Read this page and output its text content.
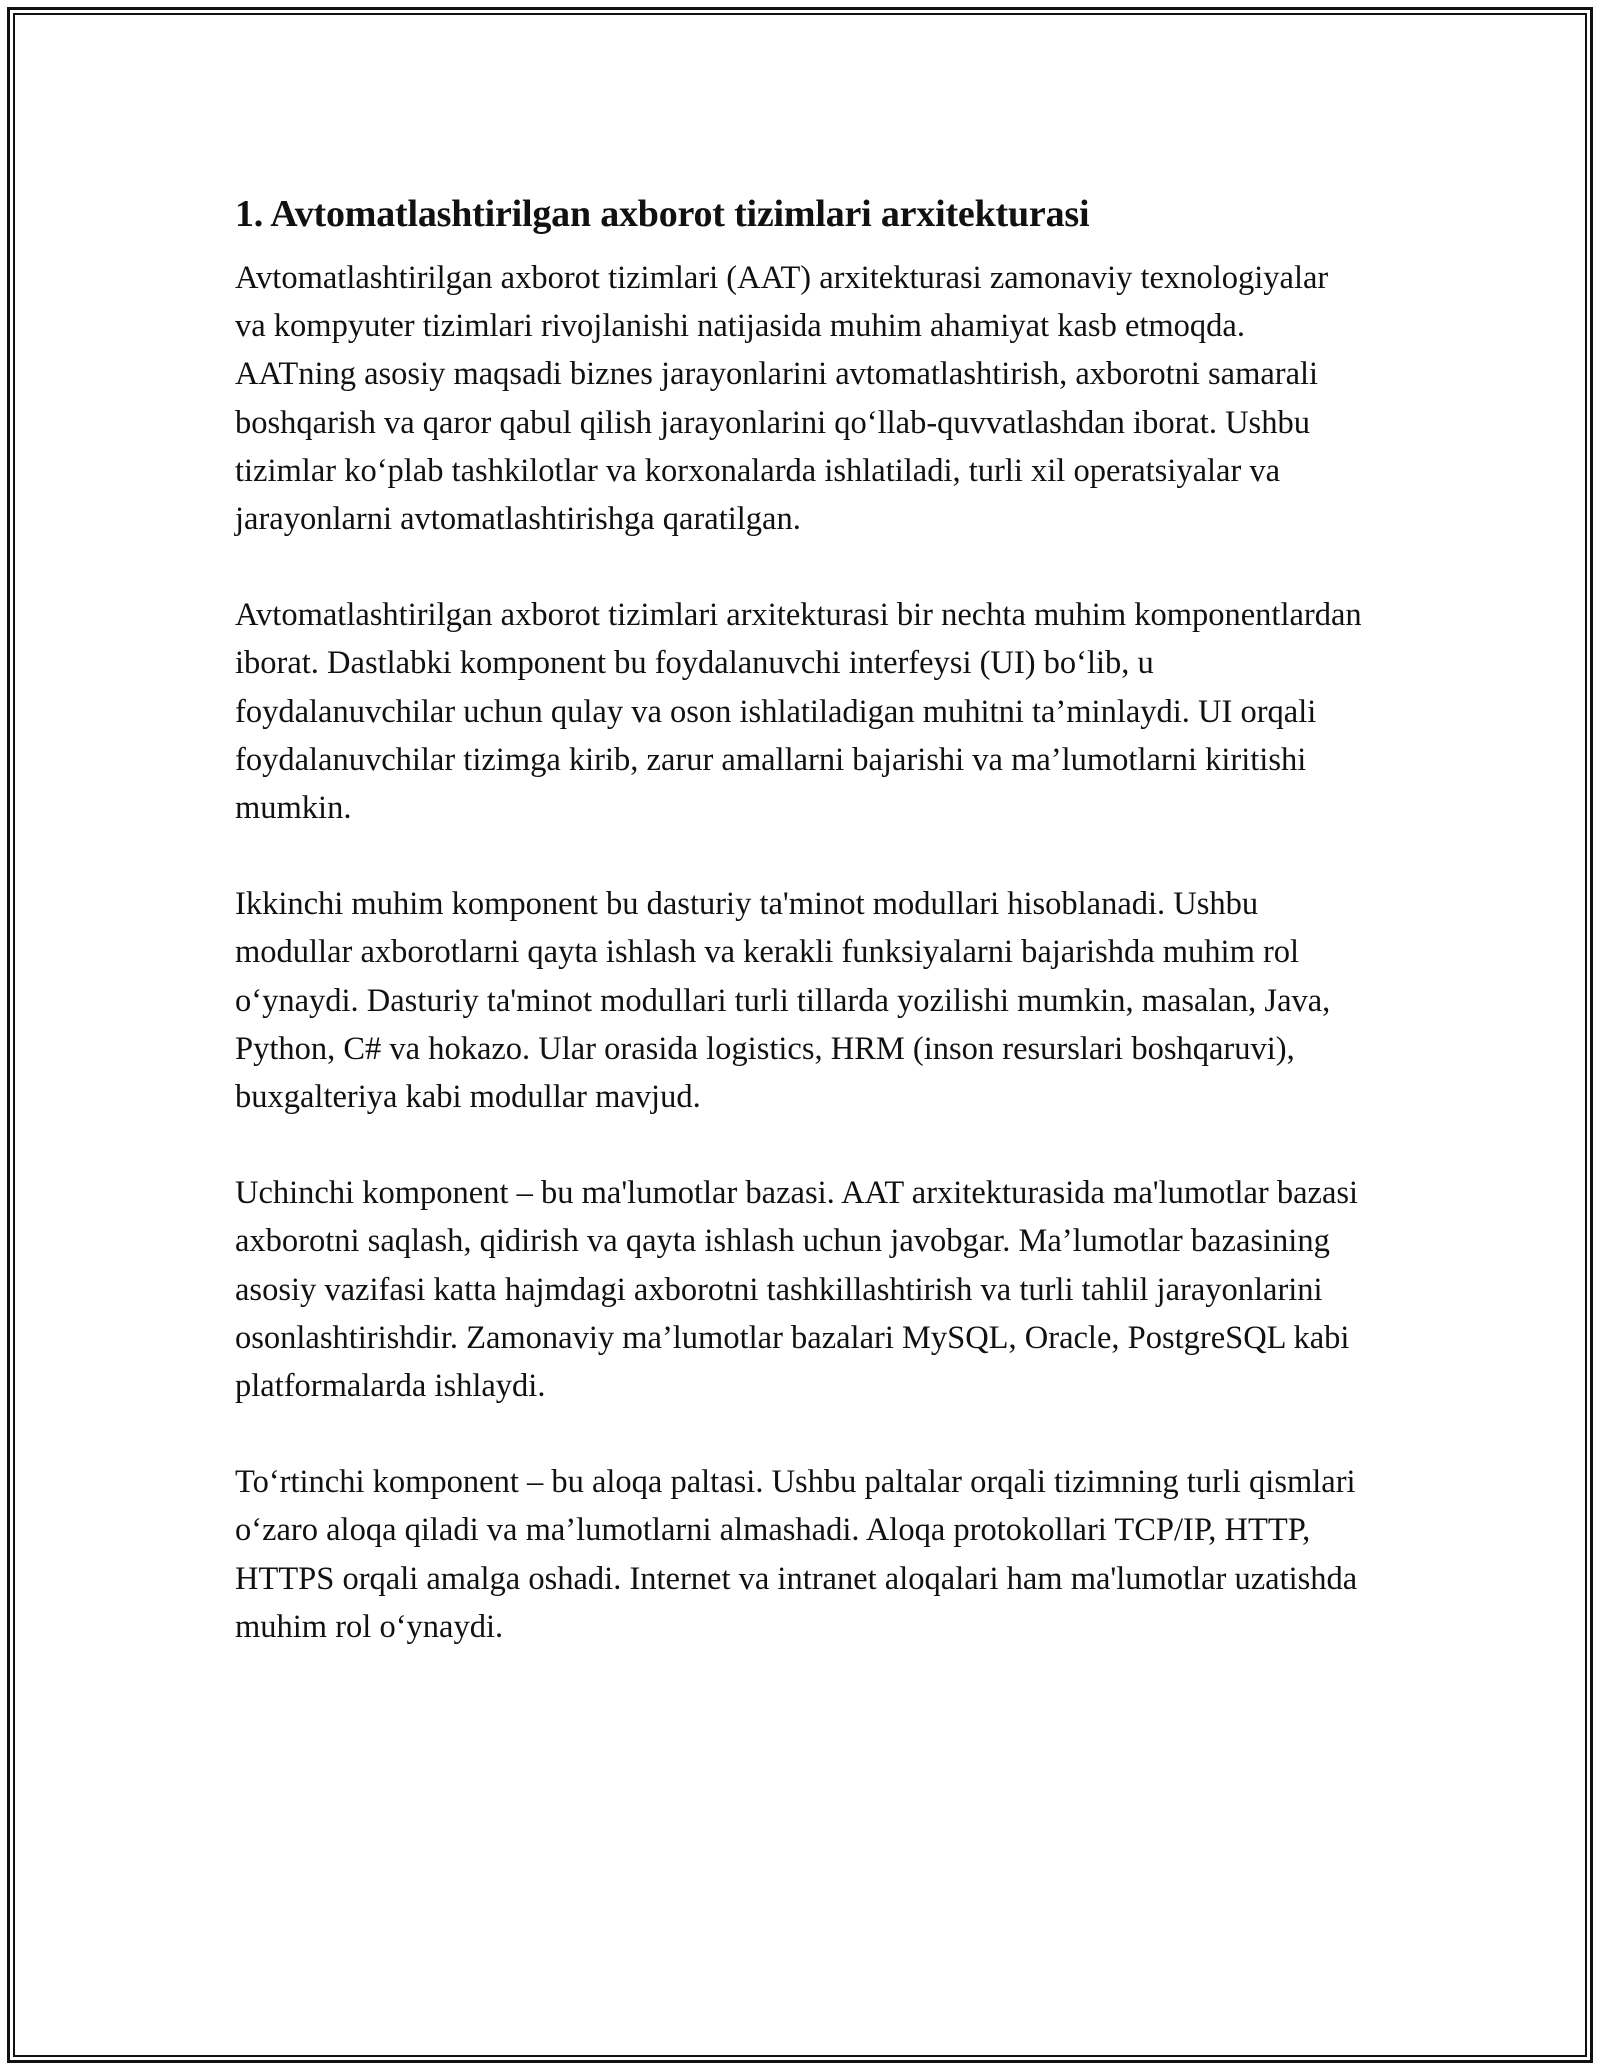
1. Avtomatlashtirilgan axborot tizimlari arxitekturasi

Avtomatlashtirilgan axborot tizimlari (AAT) arxitekturasi zamonaviy texnologiyalar va kompyuter tizimlari rivojlanishi natijasida muhim ahamiyat kasb etmoqda. AATning asosiy maqsadi biznes jarayonlarini avtomatlashtirish, axborotni samarali boshqarish va qaror qabul qilish jarayonlarini qo‘llab-quvvatlashdan iborat. Ushbu tizimlar ko‘plab tashkilotlar va korxonalarda ishlatiladi, turli xil operatsiyalar va jarayonlarni avtomatlashtirishga qaratilgan.

Avtomatlashtirilgan axborot tizimlari arxitekturasi bir nechta muhim komponentlardan iborat. Dastlabki komponent bu foydalanuvchi interfeysi (UI) bo‘lib, u foydalanuvchilar uchun qulay va oson ishlatiladigan muhitni ta’minlaydi. UI orqali foydalanuvchilar tizimga kirib, zarur amallarni bajarishi va ma’lumotlarni kiritishi mumkin.

Ikkinchi muhim komponent bu dasturiy ta'minot modullari hisoblanadi. Ushbu modullar axborotlarni qayta ishlash va kerakli funksiyalarni bajarishda muhim rol o‘ynaydi. Dasturiy ta'minot modullari turli tillarda yozilishi mumkin, masalan, Java, Python, C# va hokazo. Ular orasida logistics, HRM (inson resurslari boshqaruvi), buxgalteriya kabi modullar mavjud.

Uchinchi komponent – bu ma'lumotlar bazasi. AAT arxitekturasida ma'lumotlar bazasi axborotni saqlash, qidirish va qayta ishlash uchun javobgar. Ma’lumotlar bazasining asosiy vazifasi katta hajmdagi axborotni tashkillashtirish va turli tahlil jarayonlarini osonlashtirishdir. Zamonaviy ma’lumotlar bazalari MySQL, Oracle, PostgreSQL kabi platformalarda ishlaydi.

To‘rtinchi komponent – bu aloqa paltasi. Ushbu paltalar orqali tizimning turli qismlari o‘zaro aloqa qiladi va ma’lumotlarni almashadi. Aloqa protokollari TCP/IP, HTTP, HTTPS orqali amalga oshadi. Internet va intranet aloqalari ham ma'lumotlar uzatishda muhim rol o‘ynaydi.
